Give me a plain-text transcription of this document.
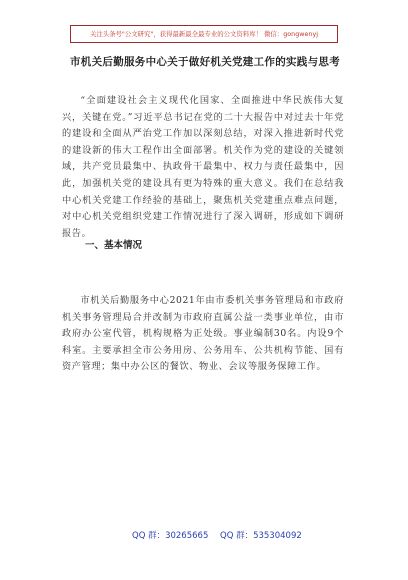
关注头条号"公文研究"，获得最新最全最专业的公文资料库！ 微信：gongwenyj
市机关后勤服务中心关于做好机关党建工作的实践与思考
“全面建设社会主义现代化国家、全面推进中华民族伟大复兴，关键在党。”习近平总书记在党的二十大报告中对过去十年党的建设和全面从严治党工作加以深刻总结，对深入推进新时代党的建设新的伟大工程作出全面部署。机关作为党的建设的关键领域，共产党员最集中、执政骨干最集中、权力与责任最集中，因此，加强机关党的建设具有更为特殊的重大意义。我们在总结我中心机关党建工作经验的基础上，聚焦机关党建重点难点问题，对中心机关党组织党建工作情况进行了深入调研，形成如下调研报告。
一、基本情况
市机关后勤服务中心2021年由市委机关事务管理局和市政府机关事务管理局合并改制为市政府直属公益一类事业单位，由市政府办公室代管，机构规格为正处级。事业编制30名。内设9个科室。主要承担全市公务用房、公务用车、公共机构节能、国有资产管理；集中办公区的餐饮、物业、会议等服务保障工作。
QQ 群：30265665 QQ 群：535304092
